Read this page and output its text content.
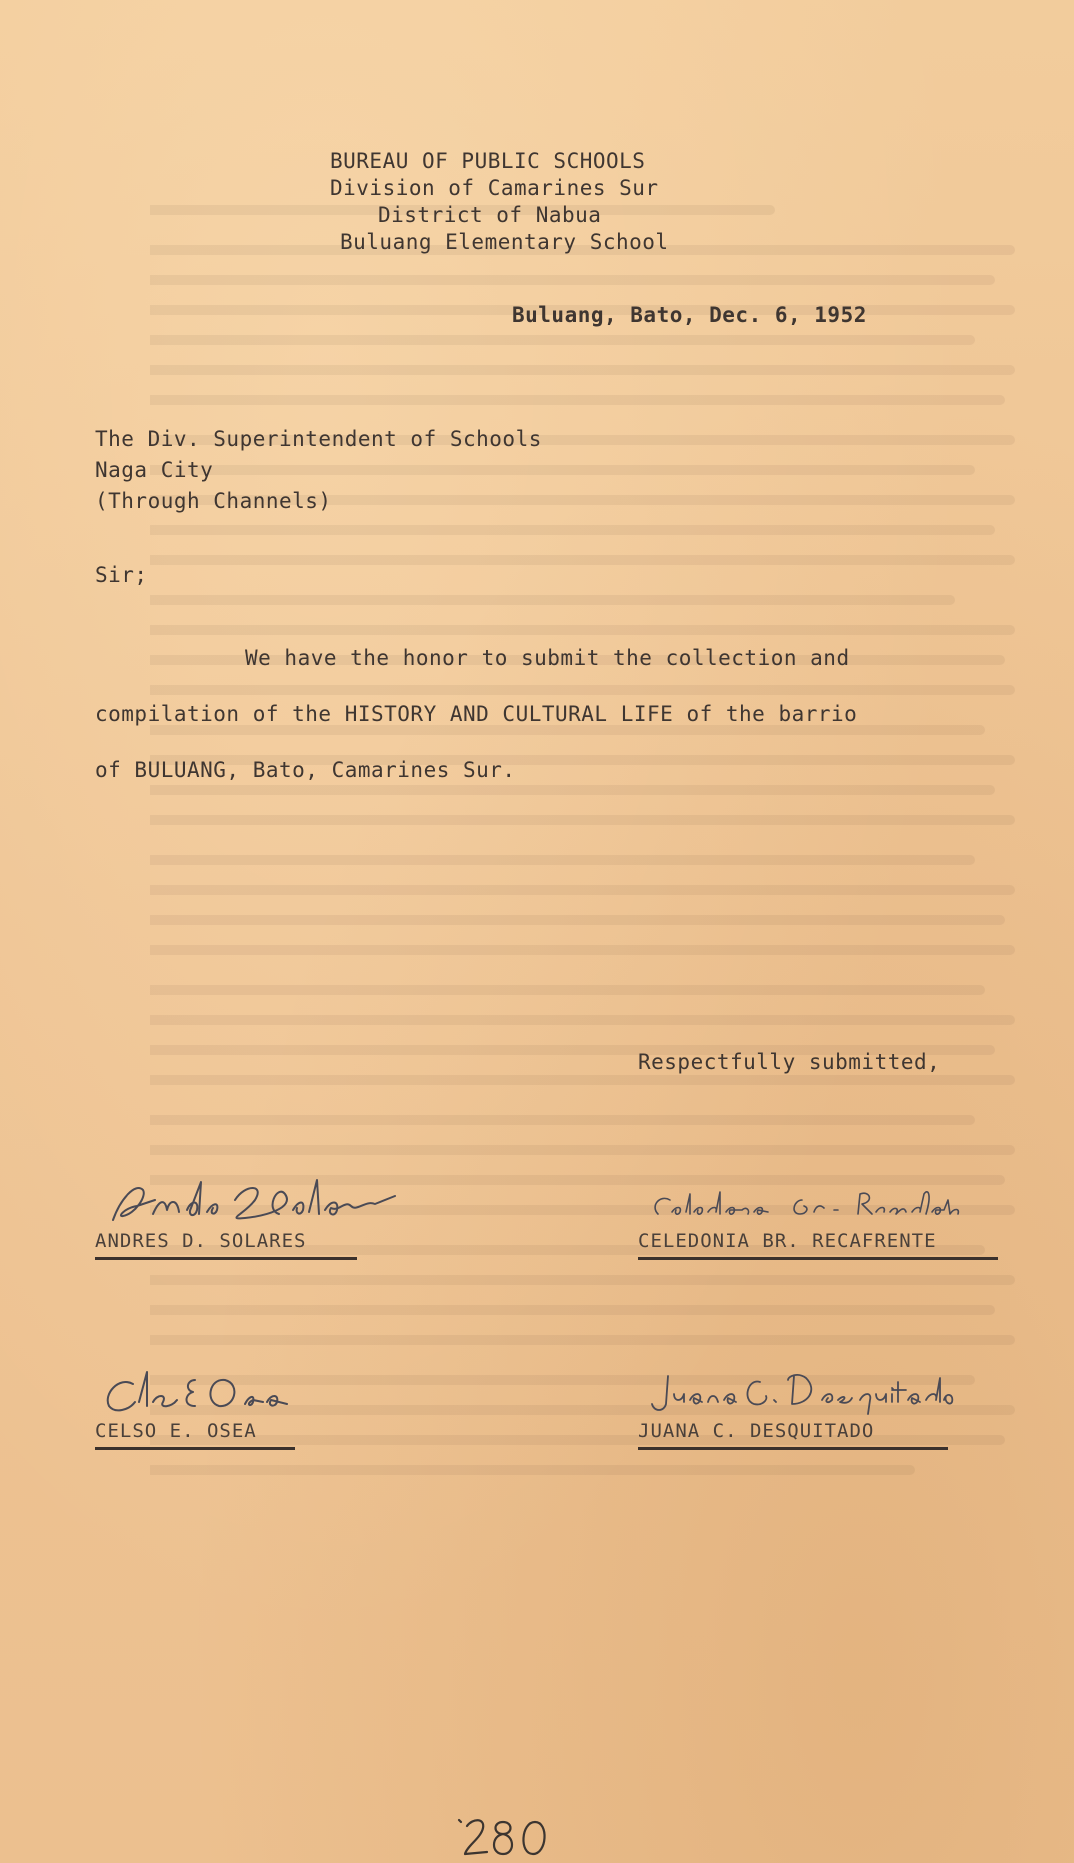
BUREAU OF PUBLIC SCHOOLS
Division of Camarines Sur
District of Nabua
Buluang Elementary School
Buluang, Bato, Dec. 6, 1952
The Div. Superintendent of Schools
Naga City
(Through Channels)
Sir;
We have the honor to submit the collection and
compilation of the HISTORY AND CULTURAL LIFE of the barrio
of BULUANG, Bato, Camarines Sur.
Respectfully submitted,
ANDRES D. SOLARES	CELEDONIA BR. RECAFRENTE
CELSO E. OSEA	JUANA C. DESQUITADO
